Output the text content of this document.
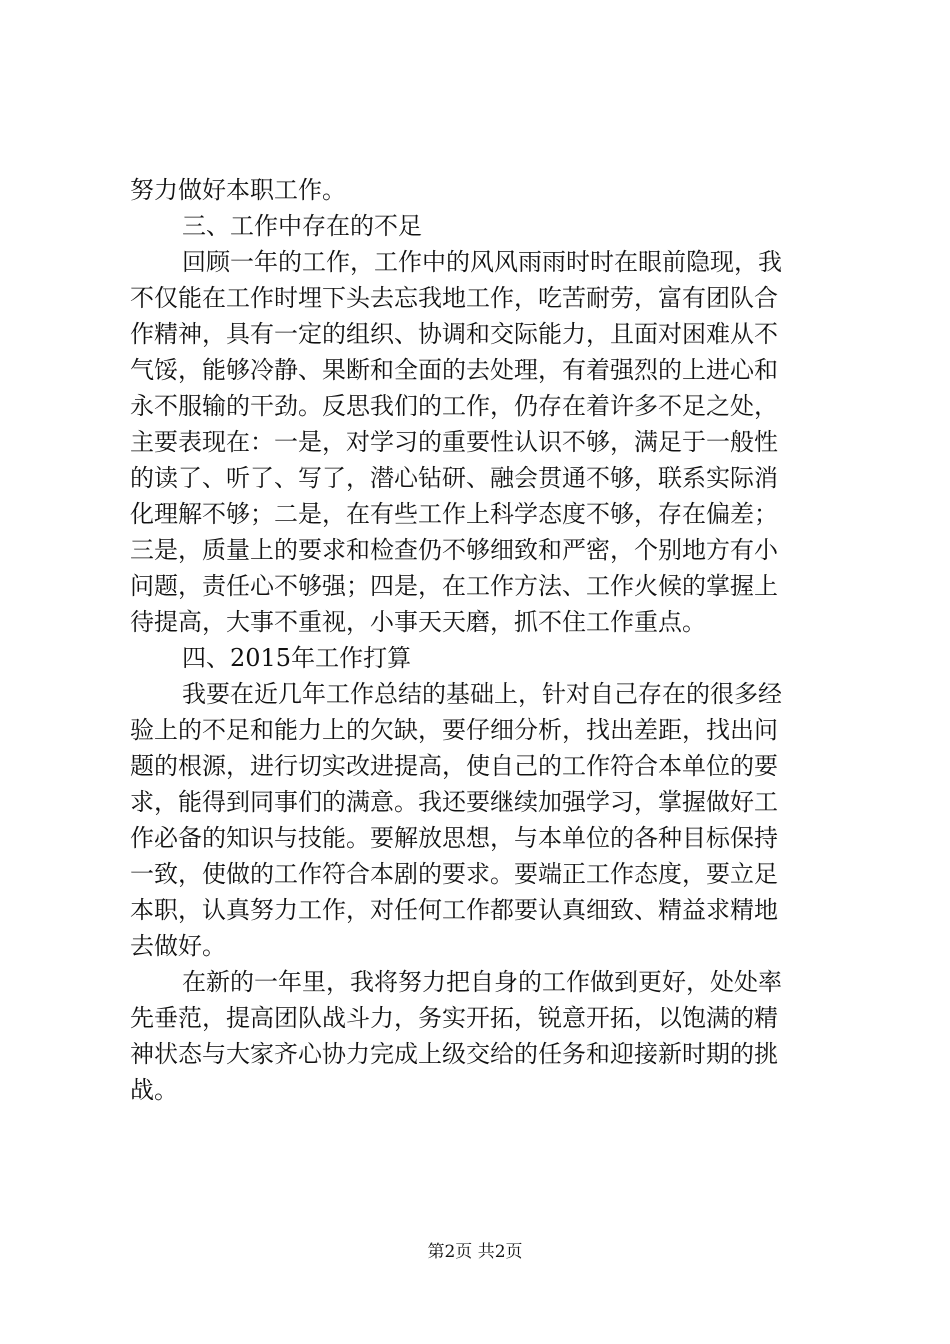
努力做好本职工作。
三、工作中存在的不足
回顾一年的工作，工作中的风风雨雨时时在眼前隐现，我
不仅能在工作时埋下头去忘我地工作，吃苦耐劳，富有团队合
作精神，具有一定的组织、协调和交际能力，且面对困难从不
气馁，能够冷静、果断和全面的去处理，有着强烈的上进心和
永不服输的干劲。反思我们的工作，仍存在着许多不足之处，
主要表现在：一是，对学习的重要性认识不够，满足于一般性
的读了、听了、写了，潜心钻研、融会贯通不够，联系实际消
化理解不够；二是，在有些工作上科学态度不够，存在偏差；
三是，质量上的要求和检查仍不够细致和严密，个别地方有小
问题，责任心不够强；四是，在工作方法、工作火候的掌握上
待提高，大事不重视，小事天天磨，抓不住工作重点。
四、2015年工作打算
我要在近几年工作总结的基础上，针对自己存在的很多经
验上的不足和能力上的欠缺，要仔细分析，找出差距，找出问
题的根源，进行切实改进提高，使自己的工作符合本单位的要
求，能得到同事们的满意。我还要继续加强学习，掌握做好工
作必备的知识与技能。要解放思想，与本单位的各种目标保持
一致，使做的工作符合本剧的要求。要端正工作态度，要立足
本职，认真努力工作，对任何工作都要认真细致、精益求精地
去做好。
在新的一年里，我将努力把自身的工作做到更好，处处率
先垂范，提高团队战斗力，务实开拓，锐意开拓，以饱满的精
神状态与大家齐心协力完成上级交给的任务和迎接新时期的挑
战。
第2页 共2页
